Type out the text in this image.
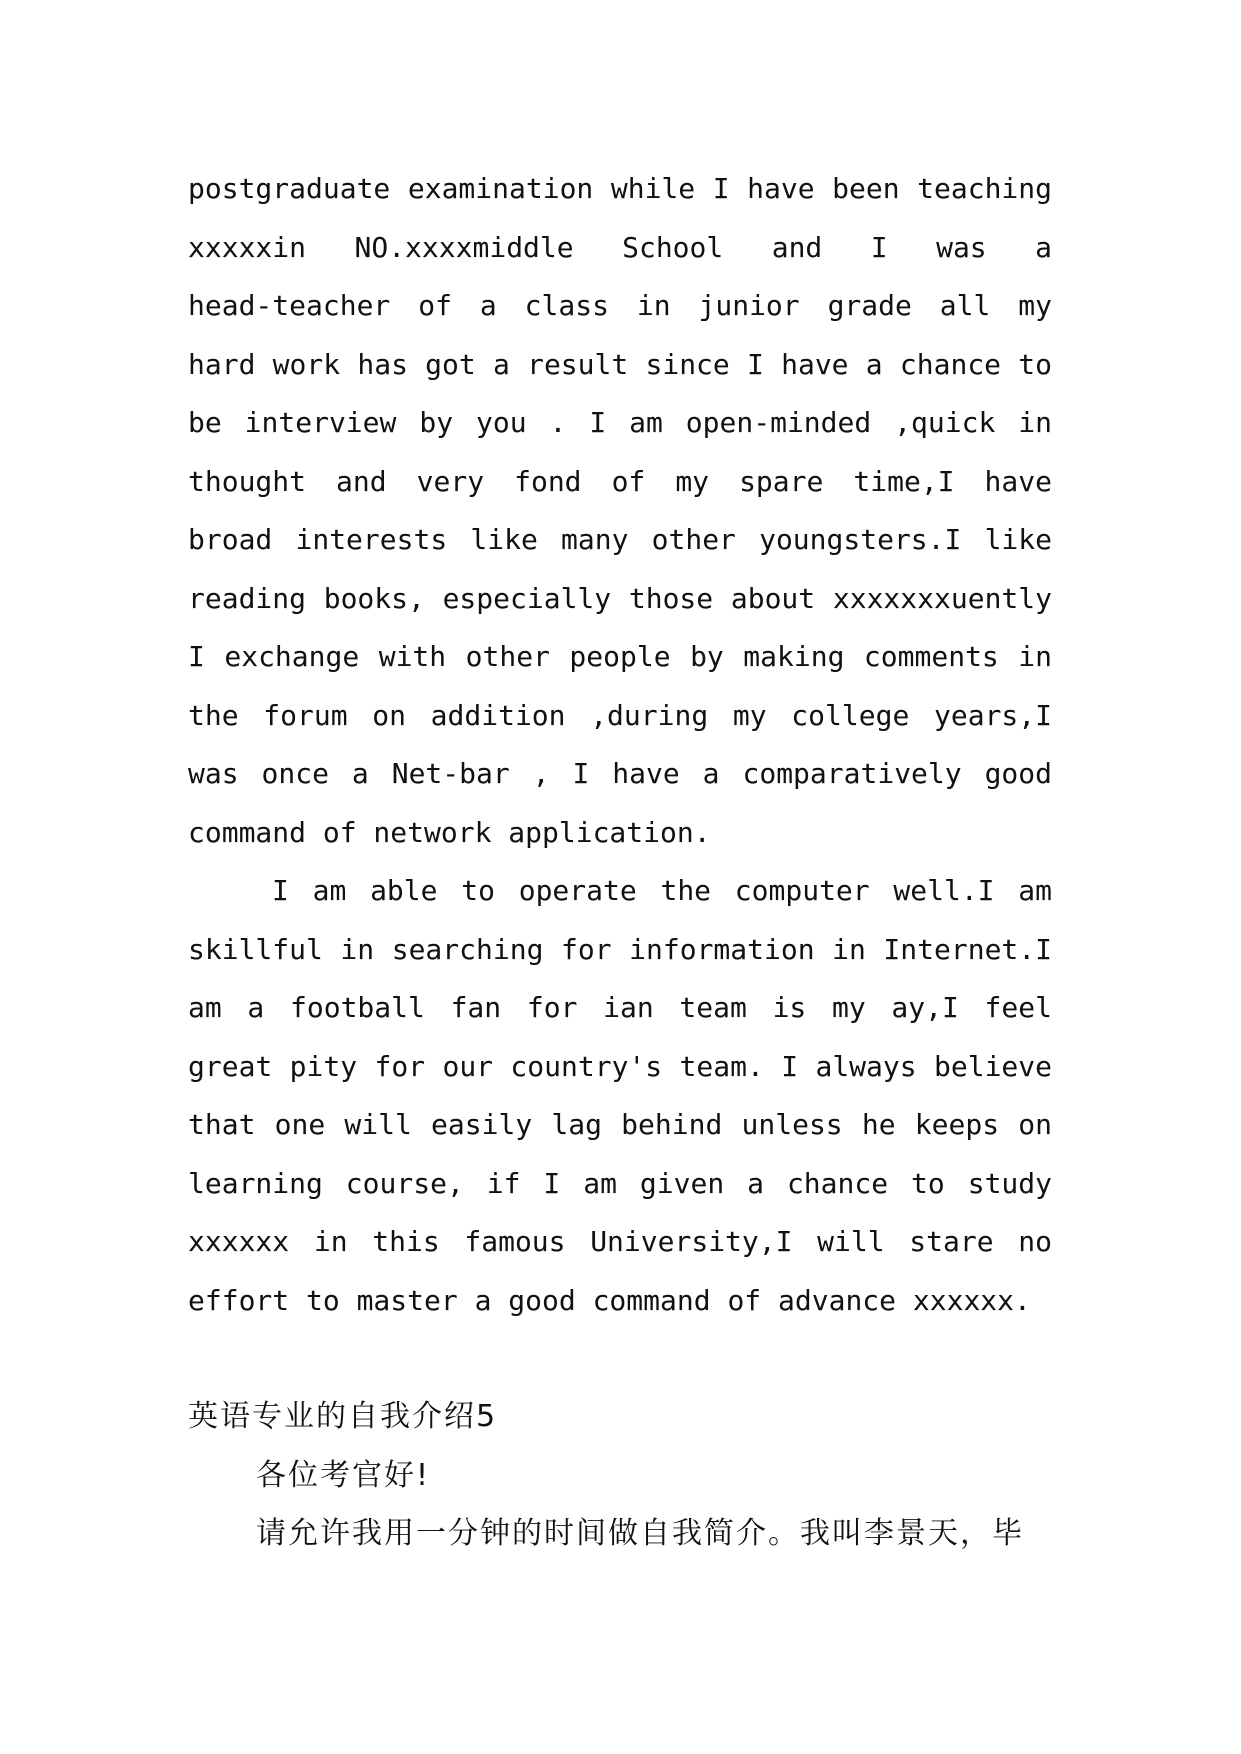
postgraduate examination while I have been teaching
xxxxxin NO.xxxxmiddle School and I was a
head-teacher of a class in junior grade all my
hard work has got a result since I have a chance to
be interview by you . I am open-minded ,quick in
thought and very fond of my spare time,I have
broad interests like many other youngsters.I like
reading books, especially those about xxxxxxxuently
I exchange with other people by making comments in
the forum on addition ,during my college years,I
was once a Net-bar , I have a comparatively good
command of network application.
I am able to operate the computer well.I am
skillful in searching for information in Internet.I
am a football fan for ian team is my ay,I feel
great pity for our country's team. I always believe
that one will easily lag behind unless he keeps on
learning course, if I am given a chance to study
xxxxxx in this famous University,I will stare no
effort to master a good command of advance xxxxxx.
英语专业的自我介绍5
各位考官好!
请允许我用一分钟的时间做自我简介。我叫李景天，毕
